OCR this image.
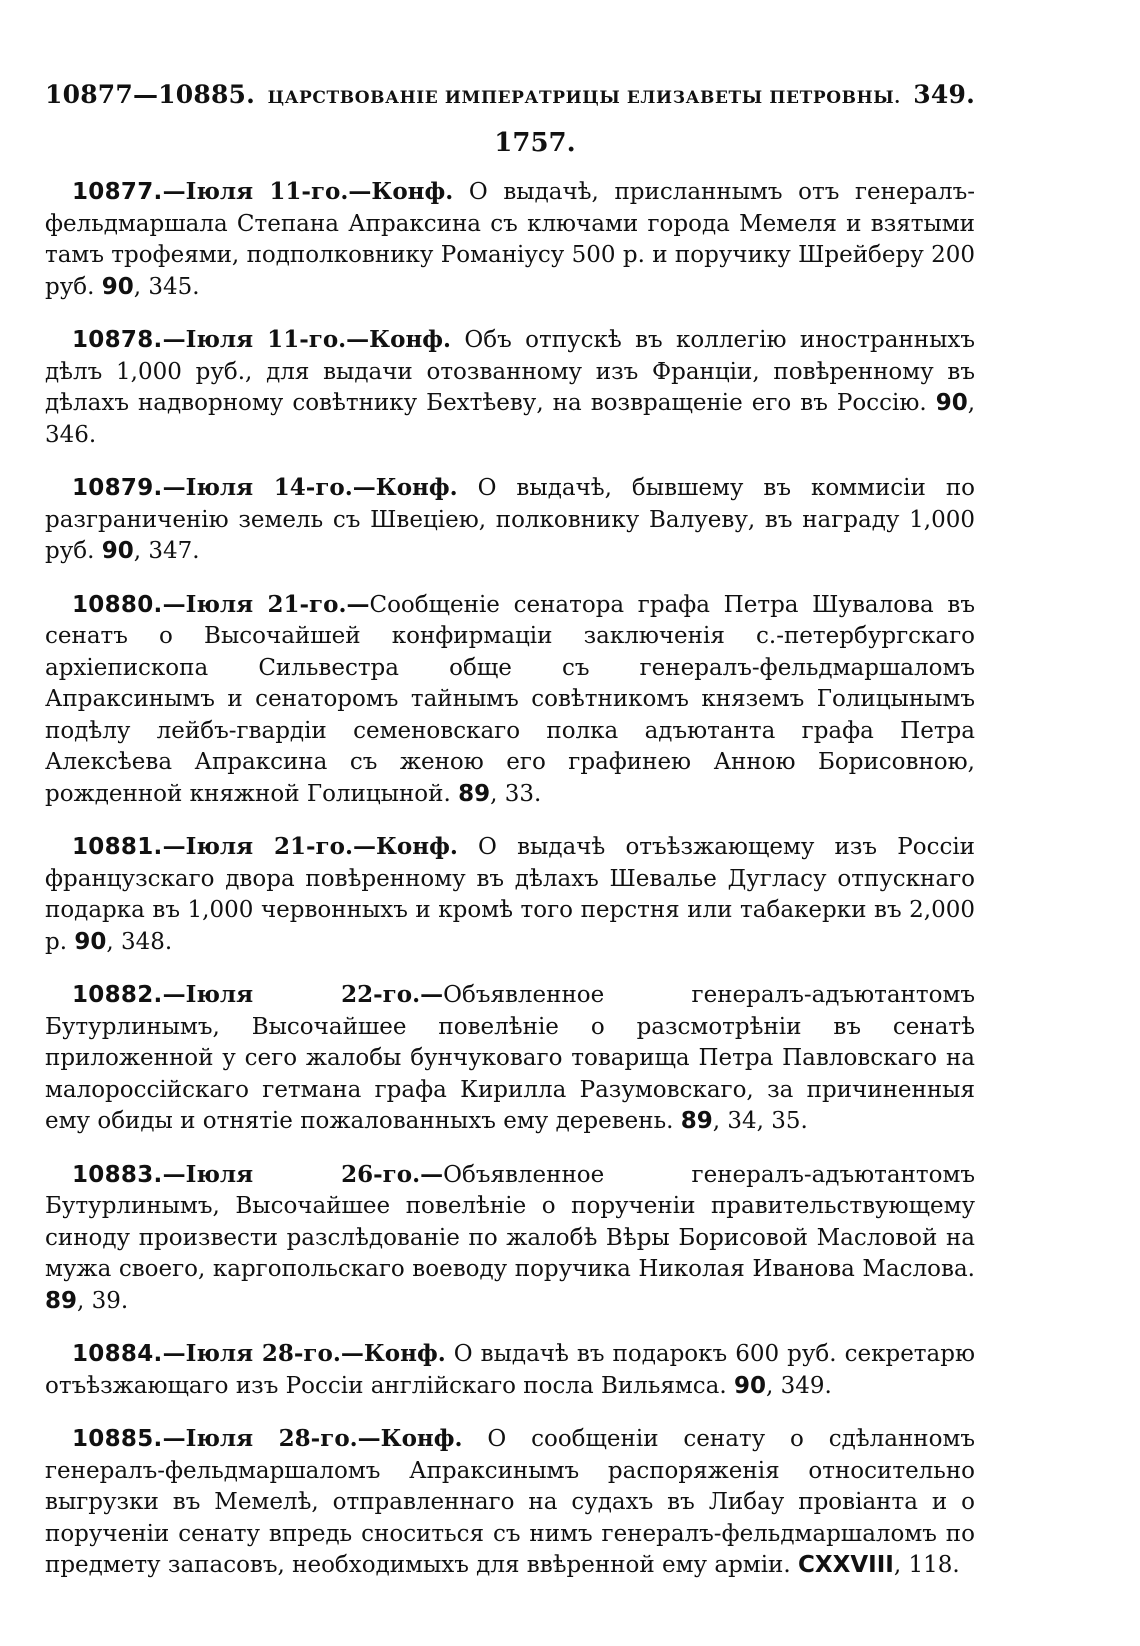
10877—10885. ЦАРСТВОВАНІЕ ИМПЕРАТРИЦЫ ЕЛИЗАВЕТЫ ПЕТРОВНЫ. 349.
1757.

10877.—Іюля 11-го.—Конф. О выдачѣ, присланнымъ отъ генералъ-фельдмаршала Степана Апраксина съ ключами города Мемеля и взятыми тамъ трофеями, подполковнику Романіусу 500 р. и поручику Шрейберу 200 руб. 90, 345.

10878.—Іюля 11-го.—Конф. Объ отпускѣ въ коллегію иностранныхъ дѣлъ 1,000 руб., для выдачи отозванному изъ Франціи, повѣренному въ дѣлахъ надворному совѣтнику Бехтѣеву, на возвращеніе его въ Россію. 90, 346.

10879.—Іюля 14-го.—Конф. О выдачѣ, бывшему въ коммисіи по разграниченію земель съ Швеціею, полковнику Валуеву, въ награду 1,000 руб. 90, 347.

10880.—Іюля 21-го.—Сообщеніе сенатора графа Петра Шувалова въ сенатъ о Высочайшей конфирмаціи заключенія с.-петербургскаго архіепископа Сильвестра обще съ генералъ-фельдмаршаломъ Апраксинымъ и сенаторомъ тайнымъ совѣтникомъ княземъ Голицынымъ подѣлу лейбъ-гвардіи семеновскаго полка адъютанта графа Петра Алексѣева Апраксина съ женою его графинею Анною Борисовною, рожденной княжной Голицыной. 89, 33.

10881.—Іюля 21-го.—Конф. О выдачѣ отъѣзжающему изъ Россіи французскаго двора повѣренному въ дѣлахъ Шевалье Дугласу отпускнаго подарка въ 1,000 червонныхъ и кромѣ того перстня или табакерки въ 2,000 р. 90, 348.

10882.—Іюля 22-го.—Объявленное генералъ-адъютантомъ Бутурлинымъ, Высочайшее повелѣніе о разсмотрѣніи въ сенатѣ приложенной у сего жалобы бунчуковаго товарища Петра Павловскаго на малороссійскаго гетмана графа Кирилла Разумовскаго, за причиненныя ему обиды и отнятіе пожалованныхъ ему деревень. 89, 34, 35.

10883.—Іюля 26-го.—Объявленное генералъ-адъютантомъ Бутурлинымъ, Высочайшее повелѣніе о порученіи правительствующему синоду произвести разслѣдованіе по жалобѣ Вѣры Борисовой Масловой на мужа своего, каргопольскаго воеводу поручика Николая Иванова Маслова. 89, 39.

10884.—Іюля 28-го.—Конф. О выдачѣ въ подарокъ 600 руб. секретарю отъѣзжающаго изъ Россіи англійскаго посла Вильямса. 90, 349.

10885.—Іюля 28-го.—Конф. О сообщеніи сенату о сдѣланномъ генералъ-фельдмаршаломъ Апраксинымъ распоряженія относительно выгрузки въ Мемелѣ, отправленнаго на судахъ въ Либау провіанта и о порученіи сенату впредь сноситься съ нимъ генералъ-фельдмаршаломъ по предмету запасовъ, необходимыхъ для ввѣренной ему арміи. CXXVIII, 118.
